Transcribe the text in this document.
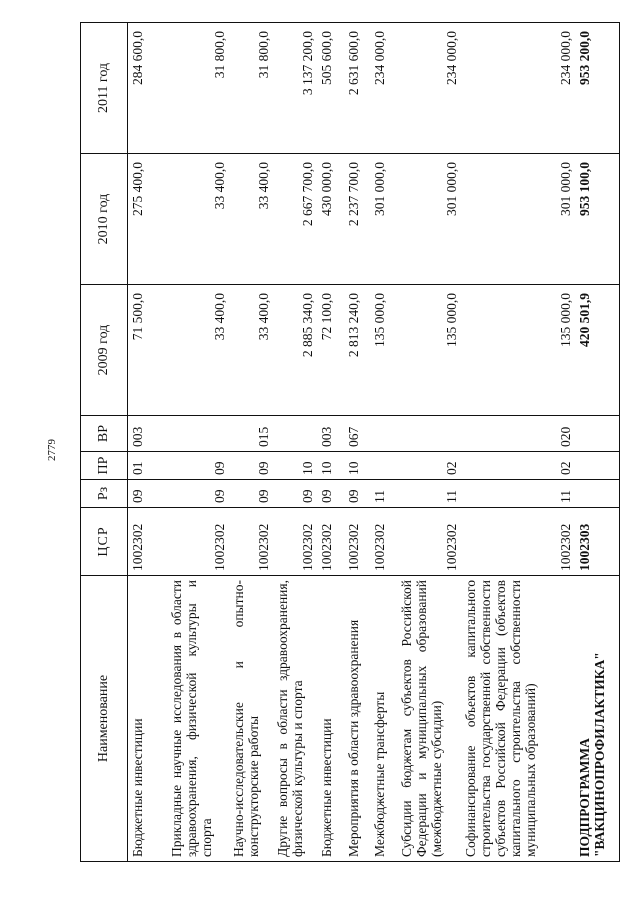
2779
Наименование	ЦСР	Рз	ПР	ВР	2009 год	2010 год	2011 год
Бюджетные инвестиции	1002302	09	01	003	71 500,0	275 400,0	284 600,0
Прикладные научные исследования в области здравоохранения, физической культуры и спорта	1002302	09	09		33 400,0	33 400,0	31 800,0
Научно-исследовательские и опытно-конструкторские работы	1002302	09	09	015	33 400,0	33 400,0	31 800,0
Другие вопросы в области здравоохранения, физической культуры и спорта	1002302	09	10		2 885 340,0	2 667 700,0	3 137 200,0
Бюджетные инвестиции	1002302	09	10	003	72 100,0	430 000,0	505 600,0
Мероприятия в области здравоохранения	1002302	09	10	067	2 813 240,0	2 237 700,0	2 631 600,0
Межбюджетные трансферты	1002302	11			135 000,0	301 000,0	234 000,0
Субсидии бюджетам субъектов Российской Федерации и муниципальных образований (межбюджетные субсидии)	1002302	11	02		135 000,0	301 000,0	234 000,0
Софинансирование объектов капитального строительства государственной собственности субъектов Российской Федерации (объектов капитального строительства собственности муниципальных образований)	1002302	11	02	020	135 000,0	301 000,0	234 000,0
ПОДПРОГРАММА "ВАКЦИНОПРОФИЛАКТИКА"	1002303				420 501,9	953 100,0	953 200,0
